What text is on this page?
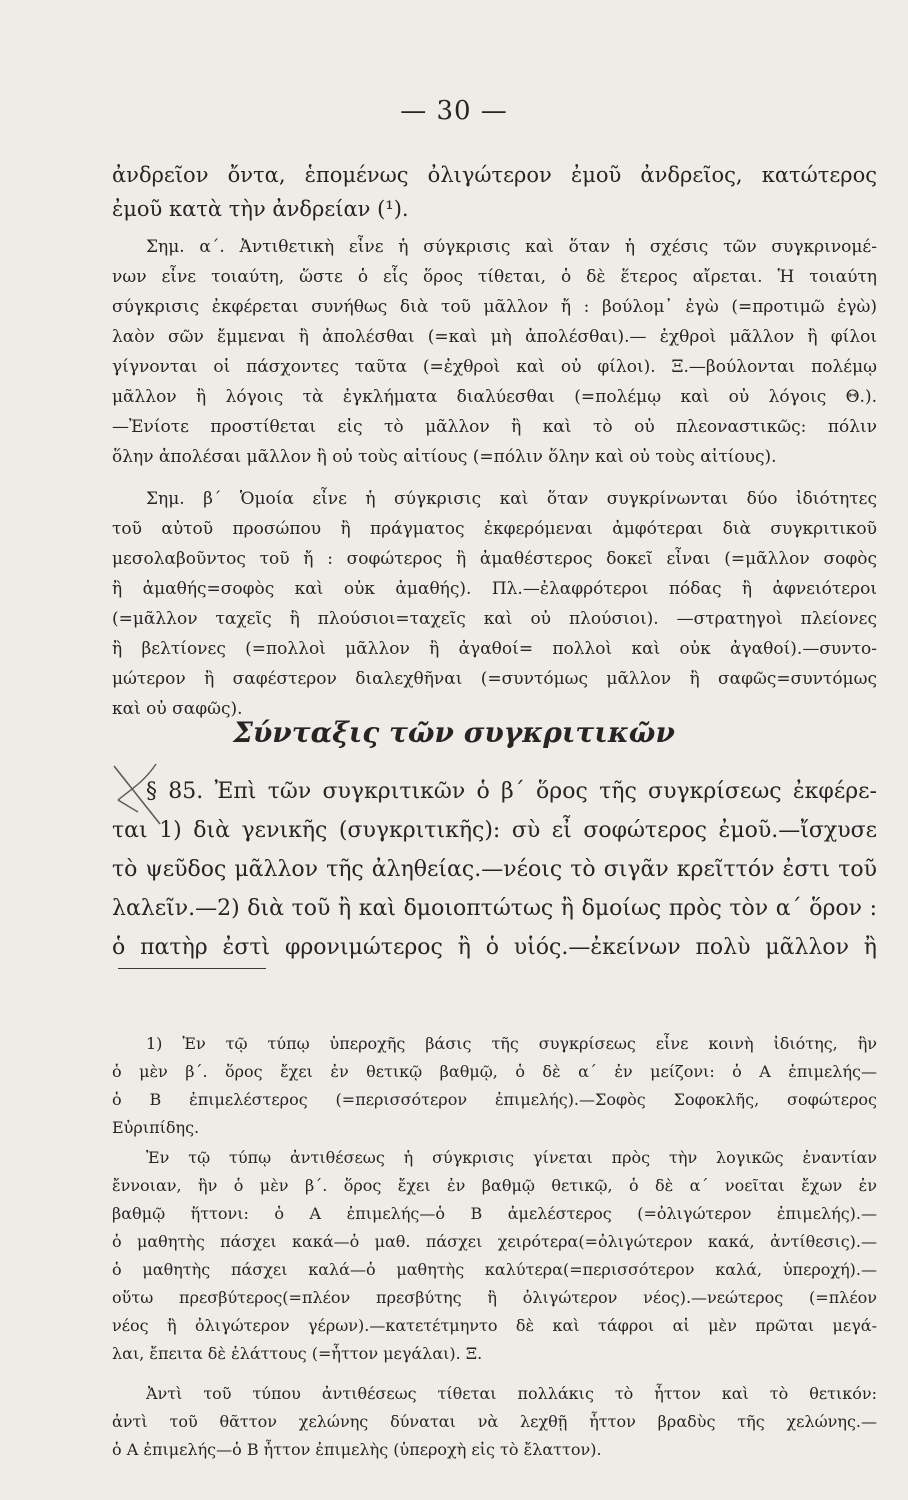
— 30 —
ἀνδρεῖον ὄντα, ἑπομένως ὀλιγώτερον ἐμοῦ ἀνδρεῖος, κατώτερος
ἐμοῦ κατὰ τὴν ἀνδρείαν (¹).
Σημ. α΄. Ἀντιθετικὴ εἶνε ἡ σύγκρισις καὶ ὅταν ἡ σχέσις τῶν συγκρινομέ-
νων εἶνε τοιαύτη, ὥστε ὁ εἷς ὅρος τίθεται, ὁ δὲ ἕτερος αἴρεται. Ἡ τοιαύτη
σύγκρισις ἐκφέρεται συνήθως διὰ τοῦ μᾶλλον ἤ : βούλομ᾿ ἐγὼ (=προτιμῶ ἐγὼ)
λαὸν σῶν ἔμμεναι ἢ ἀπολέσθαι (=καὶ μὴ ἀπολέσθαι).— ἐχθροὶ μᾶλλον ἢ φίλοι
γίγνονται οἱ πάσχοντες ταῦτα (=ἐχθροὶ καὶ οὐ φίλοι). Ξ.—βούλονται πολέμῳ
μᾶλλον ἢ λόγοις τὰ ἐγκλήματα διαλύεσθαι (=πολέμῳ καὶ οὐ λόγοις Θ.).
—Ἐνίοτε προστίθεται εἰς τὸ μᾶλλον ἢ καὶ τὸ οὐ πλεοναστικῶς: πόλιν
ὅλην ἀπολέσαι μᾶλλον ἢ οὐ τοὺς αἰτίους (=πόλιν ὅλην καὶ οὐ τοὺς αἰτίους).
Σημ. β΄ Ὁμοία εἶνε ἡ σύγκρισις καὶ ὅταν συγκρίνωνται δύο ἰδιότητες
τοῦ αὐτοῦ προσώπου ἢ πράγματος ἐκφερόμεναι ἀμφότεραι διὰ συγκριτικοῦ
μεσολαβοῦντος τοῦ ἤ : σοφώτερος ἢ ἀμαθέστερος δοκεῖ εἶναι (=μᾶλλον σοφὸς
ἢ ἀμαθής=σοφὸς καὶ οὐκ ἀμαθής). Πλ.—ἐλαφρότεροι πόδας ἢ ἀφνειότεροι
(=μᾶλλον ταχεῖς ἢ πλούσιοι=ταχεῖς καὶ οὐ πλούσιοι). —στρατηγοὶ πλείονες
ἢ βελτίονες (=πολλοὶ μᾶλλον ἢ ἀγαθοί= πολλοὶ καὶ οὐκ ἀγαθοί).—συντο-
μώτερον ἢ σαφέστερον διαλεχθῆναι (=συντόμως μᾶλλον ἢ σαφῶς=συντόμως
καὶ οὐ σαφῶς).
Σύνταξις τῶν συγκριτικῶν
§ 85. Ἐπὶ τῶν συγκριτικῶν ὁ β΄ ὅρος τῆς συγκρίσεως ἐκφέρε-
ται 1) διὰ γενικῆς (συγκριτικῆς): σὺ εἶ σοφώτερος ἐμοῦ.—ἴσχυσε
τὸ ψεῦδος μᾶλλον τῆς ἀληθείας.—νέοις τὸ σιγᾶν κρεῖττόν ἐστι τοῦ
λαλεῖν.—2) διὰ τοῦ ἢ καὶ δμοιοπτώτως ἢ δμοίως πρὸς τὸν α΄ ὅρον :
ὁ πατὴρ ἐστὶ φρονιμώτερος ἢ ὁ υἱός.—ἐκείνων πολὺ μᾶλλον ἢ
1) Ἐν τῷ τύπῳ ὑπεροχῆς βάσις τῆς συγκρίσεως εἶνε κοινὴ ἰδιότης, ἣν
ὁ μὲν β΄. ὅρος ἔχει ἐν θετικῷ βαθμῷ, ὁ δὲ α΄ ἐν μείζονι: ὁ Α ἐπιμελής—
ὁ Β ἐπιμελέστερος (=περισσότερον ἐπιμελής).—Σοφὸς Σοφοκλῆς, σοφώτερος
Εὐριπίδης.
Ἐν τῷ τύπῳ ἀντιθέσεως ἡ σύγκρισις γίνεται πρὸς τὴν λογικῶς ἐναντίαν
ἔννοιαν, ἣν ὁ μὲν β΄. ὅρος ἔχει ἐν βαθμῷ θετικῷ, ὁ δὲ α΄ νοεῖται ἔχων ἐν
βαθμῷ ἥττονι: ὁ Α ἐπιμελής—ὁ Β ἀμελέστερος (=ὀλιγώτερον ἐπιμελής).—
ὁ μαθητὴς πάσχει κακά—ὁ μαθ. πάσχει χειρότερα(=ὀλιγώτερον κακά, ἀντίθεσις).—
ὁ μαθητὴς πάσχει καλά—ὁ μαθητὴς καλύτερα(=περισσότερον καλά, ὑπεροχή).—
οὕτω πρεσβύτερος(=πλέον πρεσβύτης ἢ ὀλιγώτερον νέος).—νεώτερος (=πλέον
νέος ἢ ὀλιγώτερον γέρων).—κατετέτμηντο δὲ καὶ τάφροι αἱ μὲν πρῶται μεγά-
λαι, ἔπειτα δὲ ἐλάττους (=ἧττον μεγάλαι). Ξ.
Ἀντὶ τοῦ τύπου ἀντιθέσεως τίθεται πολλάκις τὸ ἧττον καὶ τὸ θετικόν:
ἀντὶ τοῦ θᾶττον χελώνης δύναται νὰ λεχθῇ ἧττον βραδὺς τῆς χελώνης.—
ὁ Α ἐπιμελής—ὁ Β ἧττον ἐπιμελὴς (ὑπεροχὴ εἰς τὸ ἔλαττον).
